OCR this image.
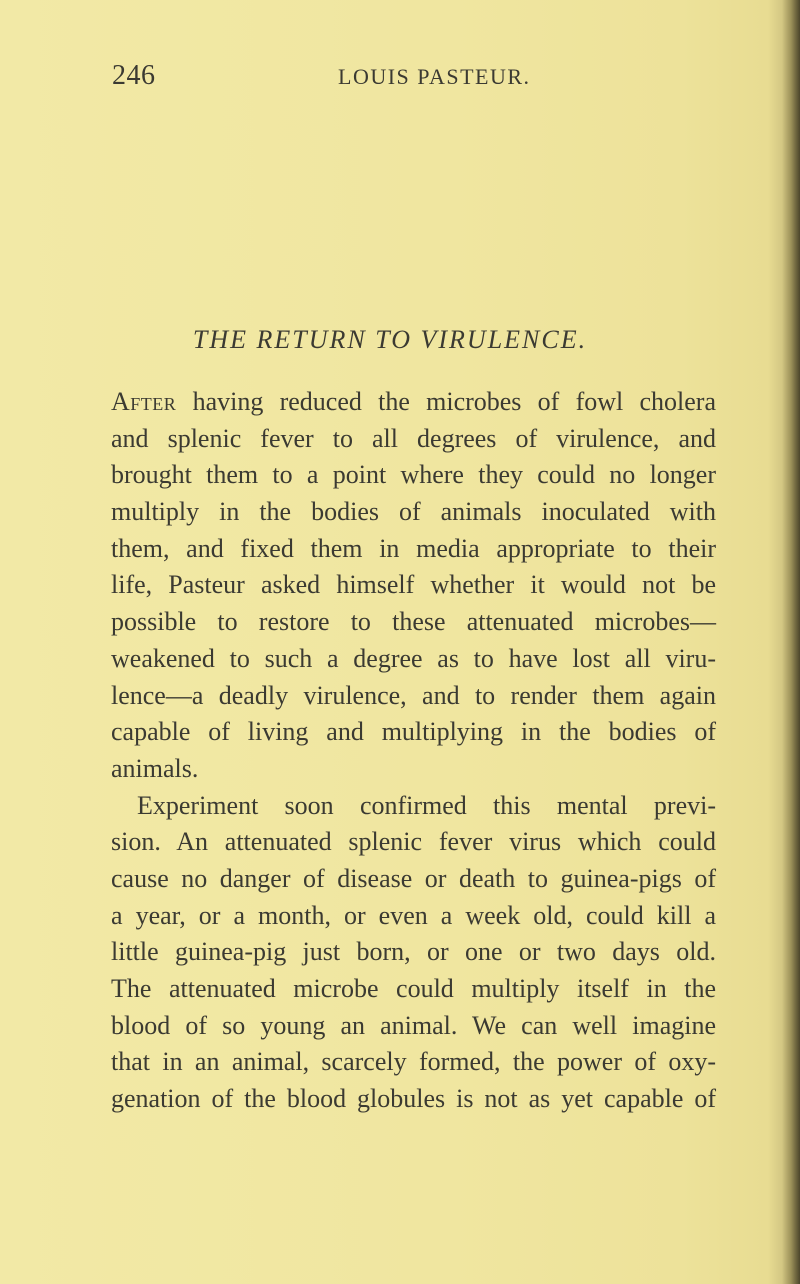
246	LOUIS PASTEUR.
THE RETURN TO VIRULENCE.
After having reduced the microbes of fowl cholera
and splenic fever to all degrees of virulence, and
brought them to a point where they could no longer
multiply in the bodies of animals inoculated with
them, and fixed them in media appropriate to their
life, Pasteur asked himself whether it would not be
possible to restore to these attenuated microbes—
weakened to such a degree as to have lost all viru-
lence—a deadly virulence, and to render them again
capable of living and multiplying in the bodies of
animals.
Experiment soon confirmed this mental previ-
sion. An attenuated splenic fever virus which could
cause no danger of disease or death to guinea-pigs of
a year, or a month, or even a week old, could kill a
little guinea-pig just born, or one or two days old.
The attenuated microbe could multiply itself in the
blood of so young an animal. We can well imagine
that in an animal, scarcely formed, the power of oxy-
genation of the blood globules is not as yet capable of
